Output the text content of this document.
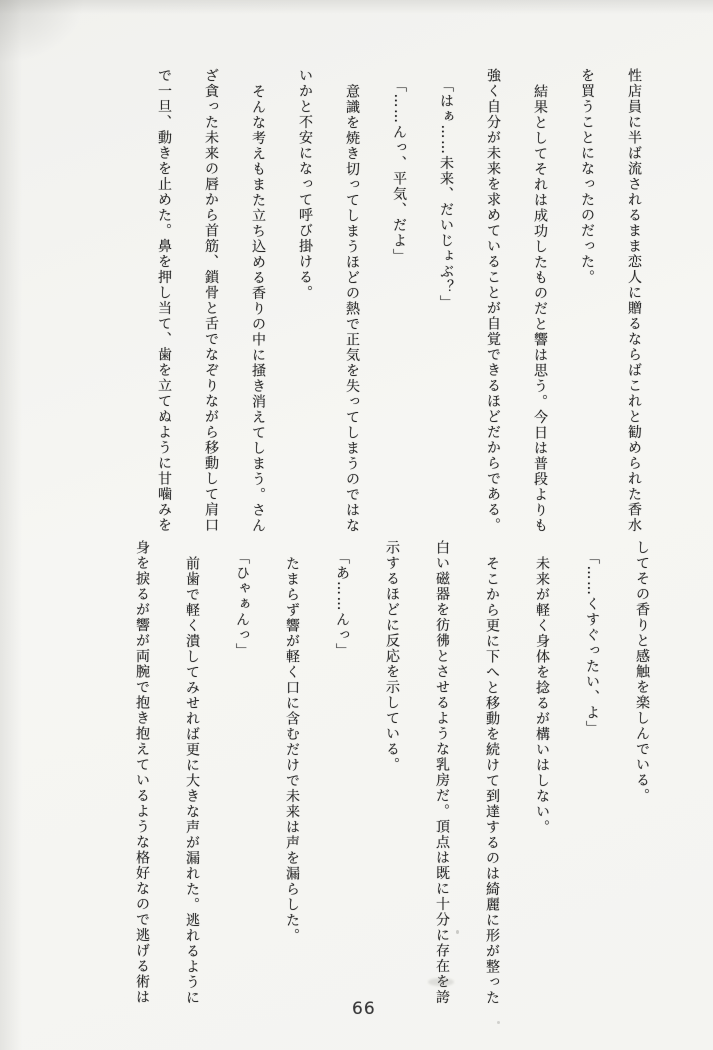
性店員に半ば流されるまま恋人に贈るならばこれと勧められた香水

を買うことになったのだった。

結果としてそれは成功したものだと響は思う。今日は普段よりも

強く自分が未来を求めていることが自覚できるほどだからである。

「はぁ……未来、だいじょぶ？」

「……んっ、平気、だよ」

意識を焼き切ってしまうほどの熱で正気を失ってしまうのではな

いかと不安になって呼び掛ける。

そんな考えもまた立ち込める香りの中に掻き消えてしまう。さん

ざ貪った未来の唇から首筋、鎖骨と舌でなぞりながら移動して肩口

で一旦、動きを止めた。鼻を押し当て、歯を立てぬように甘噛みを

してその香りと感触を楽しんでいる。

「……くすぐったい、よ」

未来が軽く身体を捻るが構いはしない。

そこから更に下へと移動を続けて到達するのは綺麗に形が整った

白い磁器を彷彿とさせるような乳房だ。頂点は既に十分に存在を誇

示するほどに反応を示している。

「あ……んっ」

たまらず響が軽く口に含むだけで未来は声を漏らした。

「ひゃぁんっ」

前歯で軽く潰してみせれば更に大きな声が漏れた。逃れるように

身を捩るが響が両腕で抱き抱えているような格好なので逃げる術は

66
